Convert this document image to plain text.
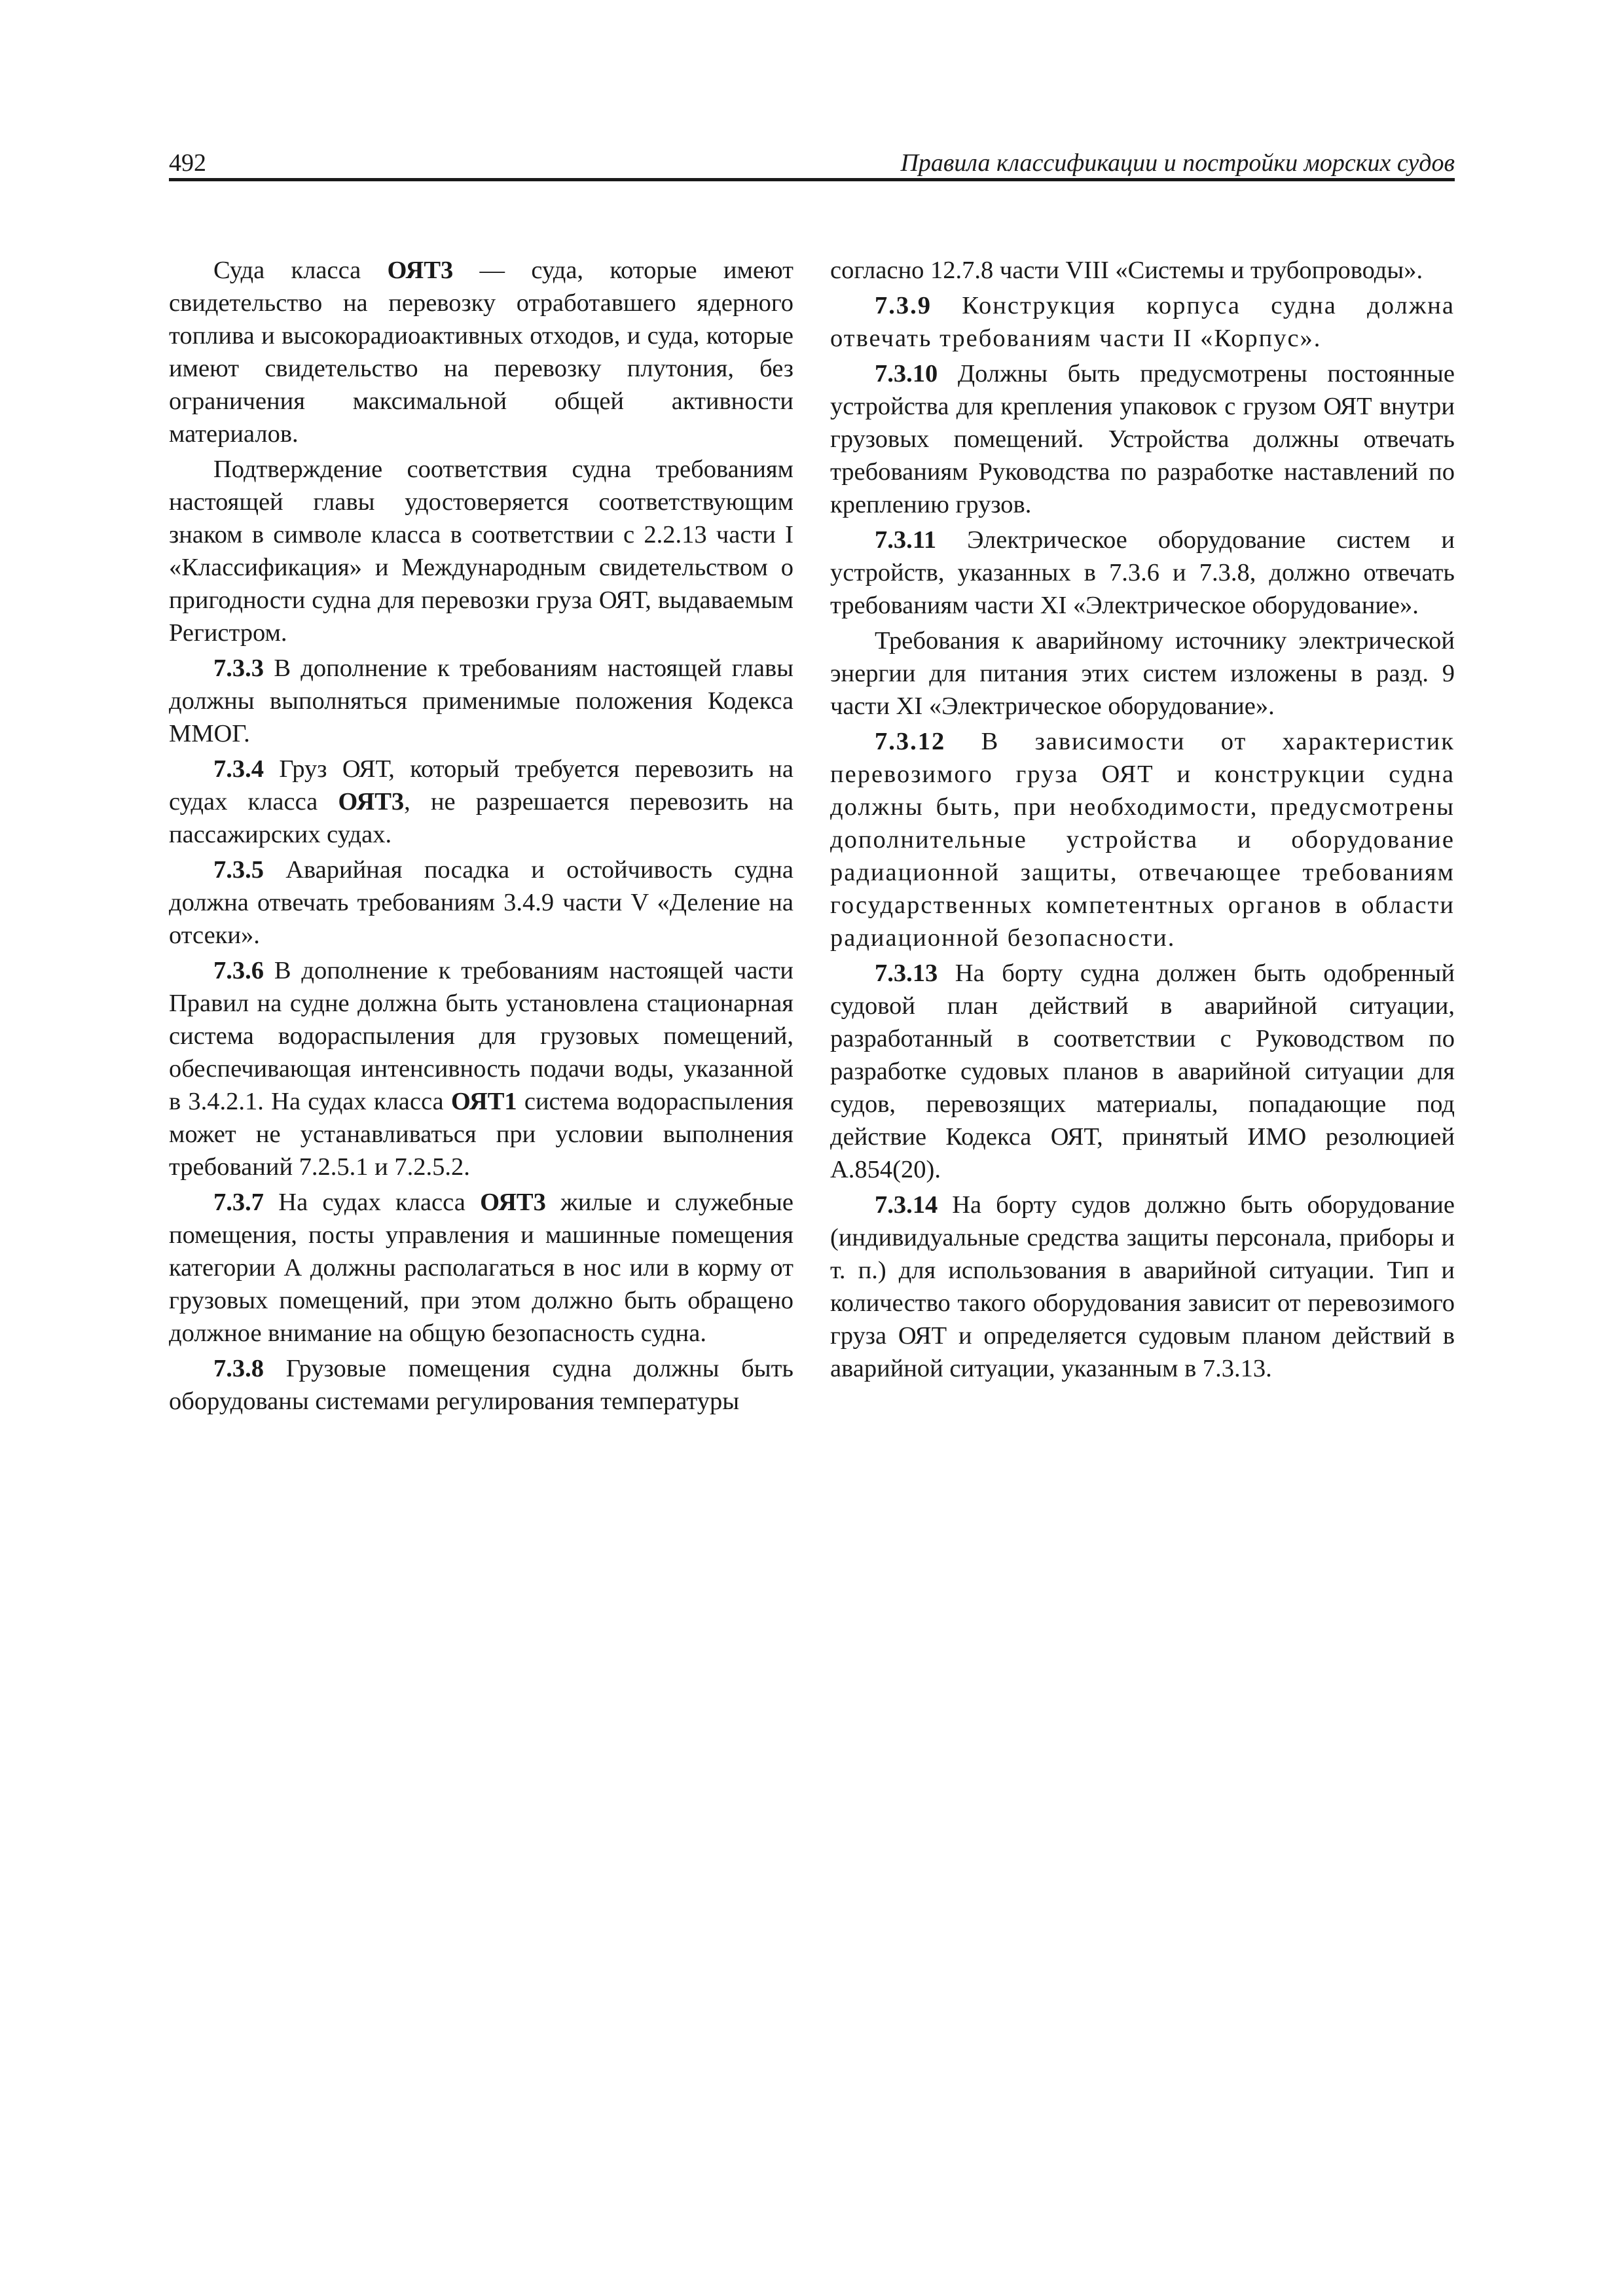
492	Правила классификации и постройки морских судов

Суда класса ОЯТ3 — суда, которые имеют свидетельство на перевозку отработавшего ядерного топлива и высокорадиоактивных отходов, и суда, которые имеют свидетельство на перевозку плутония, без ограничения максимальной общей активности материалов.

Подтверждение соответствия судна требованиям настоящей главы удостоверяется соответствующим знаком в символе класса в соответствии с 2.2.13 части I «Классификация» и Международным свидетельством о пригодности судна для перевозки груза ОЯТ, выдаваемым Регистром.

7.3.3 В дополнение к требованиям настоящей главы должны выполняться применимые положения Кодекса ММОГ.

7.3.4 Груз ОЯТ, который требуется перевозить на судах класса ОЯТ3, не разрешается перевозить на пассажирских судах.

7.3.5 Аварийная посадка и остойчивость судна должна отвечать требованиям 3.4.9 части V «Деление на отсеки».

7.3.6 В дополнение к требованиям настоящей части Правил на судне должна быть установлена стационарная система водораспыления для грузовых помещений, обеспечивающая интенсивность подачи воды, указанной в 3.4.2.1. На судах класса ОЯТ1 система водораспыления может не устанавливаться при условии выполнения требований 7.2.5.1 и 7.2.5.2.

7.3.7 На судах класса ОЯТ3 жилые и служебные помещения, посты управления и машинные помещения категории А должны располагаться в нос или в корму от грузовых помещений, при этом должно быть обращено должное внимание на общую безопасность судна.

7.3.8 Грузовые помещения судна должны быть оборудованы системами регулирования температуры

согласно 12.7.8 части VIII «Системы и трубопроводы».

7.3.9 Конструкция корпуса судна должна отвечать требованиям части II «Корпус».

7.3.10 Должны быть предусмотрены постоянные устройства для крепления упаковок с грузом ОЯТ внутри грузовых помещений. Устройства должны отвечать требованиям Руководства по разработке наставлений по креплению грузов.

7.3.11 Электрическое оборудование систем и устройств, указанных в 7.3.6 и 7.3.8, должно отвечать требованиям части XI «Электрическое оборудование».

Требования к аварийному источнику электрической энергии для питания этих систем изложены в разд. 9 части XI «Электрическое оборудование».

7.3.12 В зависимости от характеристик перевозимого груза ОЯТ и конструкции судна должны быть, при необходимости, предусмотрены дополнительные устройства и оборудование радиационной защиты, отвечающее требованиям государственных компетентных органов в области радиационной безопасности.

7.3.13 На борту судна должен быть одобренный судовой план действий в аварийной ситуации, разработанный в соответствии с Руководством по разработке судовых планов в аварийной ситуации для судов, перевозящих материалы, попадающие под действие Кодекса ОЯТ, принятый ИМО резолюцией А.854(20).

7.3.14 На борту судов должно быть оборудование (индивидуальные средства защиты персонала, приборы и т. п.) для использования в аварийной ситуации. Тип и количество такого оборудования зависит от перевозимого груза ОЯТ и определяется судовым планом действий в аварийной ситуации, указанным в 7.3.13.
